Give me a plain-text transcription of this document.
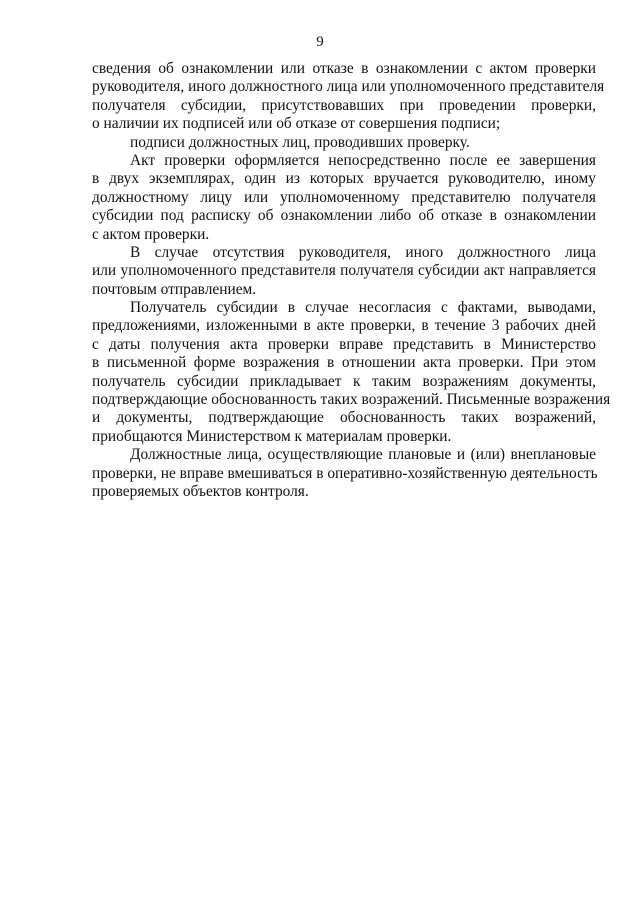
9
сведения об ознакомлении или отказе в ознакомлении с актом проверки
руководителя, иного должностного лица или уполномоченного представителя
получателя субсидии, присутствовавших при проведении проверки,
о наличии их подписей или об отказе от совершения подписи;
подписи должностных лиц, проводивших проверку.
Акт проверки оформляется непосредственно после ее завершения
в двух экземплярах, один из которых вручается руководителю, иному
должностному лицу или уполномоченному представителю получателя
субсидии под расписку об ознакомлении либо об отказе в ознакомлении
с актом проверки.
В случае отсутствия руководителя, иного должностного лица
или уполномоченного представителя получателя субсидии акт направляется
почтовым отправлением.
Получатель субсидии в случае несогласия с фактами, выводами,
предложениями, изложенными в акте проверки, в течение 3 рабочих дней
с даты получения акта проверки вправе представить в Министерство
в письменной форме возражения в отношении акта проверки. При этом
получатель субсидии прикладывает к таким возражениям документы,
подтверждающие обоснованность таких возражений. Письменные возражения
и документы, подтверждающие обоснованность таких возражений,
приобщаются Министерством к материалам проверки.
Должностные лица, осуществляющие плановые и (или) внеплановые
проверки, не вправе вмешиваться в оперативно-хозяйственную деятельность
проверяемых объектов контроля.
